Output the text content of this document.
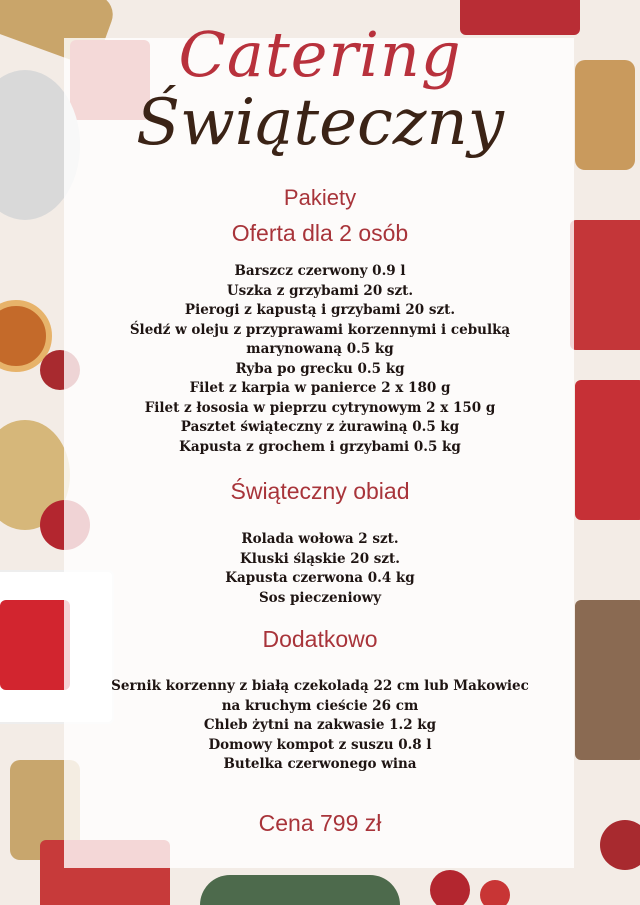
Catering
Świąteczny
Pakiety
Oferta dla 2 osób
Barszcz czerwony 0.9 l
Uszka z grzybami 20 szt.
Pierogi z kapustą i grzybami 20 szt.
Śledź w oleju z przyprawami korzennymi i cebulką marynowaną 0.5 kg
Ryba po grecku 0.5 kg
Filet z karpia w panierce 2 x 180 g
Filet z łososia w pieprzu cytrynowym 2 x 150 g
Pasztet świąteczny z żurawiną 0.5 kg
Kapusta z grochem i grzybami 0.5 kg
Świąteczny obiad
Rolada wołowa 2 szt.
Kluski śląskie 20 szt.
Kapusta czerwona 0.4 kg
Sos pieczeniowy
Dodatkowo
Sernik korzenny z białą czekoladą 22 cm lub Makowiec na kruchym cieście 26 cm
Chleb żytni na zakwasie 1.2 kg
Domowy kompot z suszu 0.8 l
Butelka czerwonego wina
Cena 799 zł
